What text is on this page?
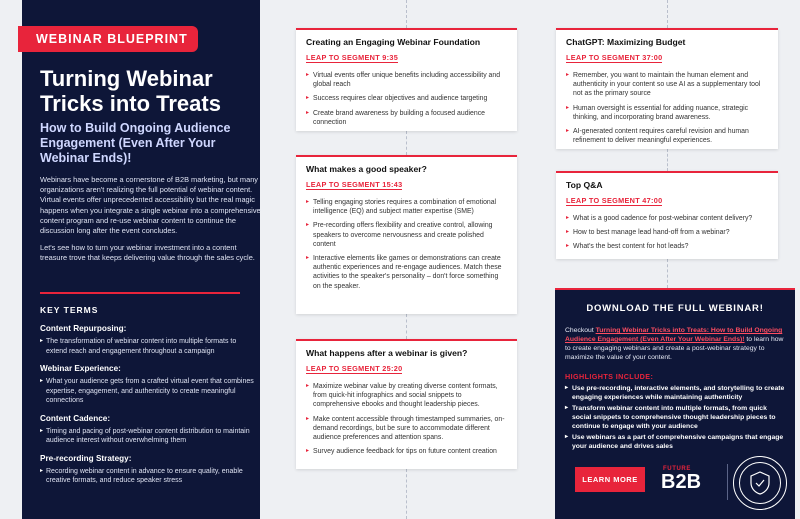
WEBINAR BLUEPRINT
Turning Webinar Tricks into Treats
How to Build Ongoing Audience Engagement (Even After Your Webinar Ends)!

Webinars have become a cornerstone of B2B marketing, but many organizations aren't realizing the full potential of webinar content. Virtual events offer unprecedented accessibility but the real magic happens when you integrate a single webinar into a comprehensive content program and re-use webinar content to continue the discussion long after the event concludes.

Let's see how to turn your webinar investment into a content treasure trove that keeps delivering value through the sales cycle.

KEY TERMS
Content Repurposing:
▸ The transformation of webinar content into multiple formats to extend reach and engagement throughout a campaign
Webinar Experience:
▸ What your audience gets from a crafted virtual event that combines expertise, engagement, and authenticity to create meaningful connections
Content Cadence:
▸ Timing and pacing of post-webinar content distribution to maintain audience interest without overwhelming them
Pre-recording Strategy:
▸ Recording webinar content in advance to ensure quality, enable creative formats, and reduce speaker stress
Creating an Engaging Webinar Foundation
LEAP TO SEGMENT 9:35
▸ Virtual events offer unique benefits including accessibility and global reach
▸ Success requires clear objectives and audience targeting
▸ Create brand awareness by building a focused audience connection
What makes a good speaker?
LEAP TO SEGMENT 15:43
▸ Telling engaging stories requires a combination of emotional intelligence (EQ) and subject matter expertise (SME)
▸ Pre-recording offers flexibility and creative control, allowing speakers to overcome nervousness and create polished content
▸ Interactive elements like games or demonstrations can create authentic experiences and re-engage audiences. Match these activities to the speaker's personality – don't force something on the speaker.
What happens after a webinar is given?
LEAP TO SEGMENT 25:20
▸ Maximize webinar value by creating diverse content formats, from quick-hit infographics and social snippets to comprehensive ebooks and thought leadership pieces.
▸ Make content accessible through timestamped summaries, on-demand recordings, but be sure to accommodate different audience preferences and attention spans.
▸ Survey audience feedback for tips on future content creation
ChatGPT: Maximizing Budget
LEAP TO SEGMENT 37:00
▸ Remember, you want to maintain the human element and authenticity in your content so use AI as a supplementary tool not as the primary source
▸ Human oversight is essential for adding nuance, strategic thinking, and incorporating brand awareness.
▸ AI-generated content requires careful revision and human refinement to deliver meaningful experiences.
Top Q&A
LEAP TO SEGMENT 47:00
▸ What is a good cadence for post-webinar content delivery?
▸ How to best manage lead hand-off from a webinar?
▸ What's the best content for hot leads?
DOWNLOAD THE FULL WEBINAR!
Checkout Turning Webinar Tricks into Treats: How to Build Ongoing Audience Engagement (Even After Your Webinar Ends)! to learn how to create engaging webinars and create a post-webinar strategy to maximize the value of your content.
HIGHLIGHTS INCLUDE:
▸ Use pre-recording, interactive elements, and storytelling to create engaging experiences while maintaining authenticity
▸ Transform webinar content into multiple formats, from quick social snippets to comprehensive thought leadership pieces to continue to engage with your audience
▸ Use webinars as a part of comprehensive campaigns that engage your audience and drives sales
LEARN MORE
FUTURE
B2B
